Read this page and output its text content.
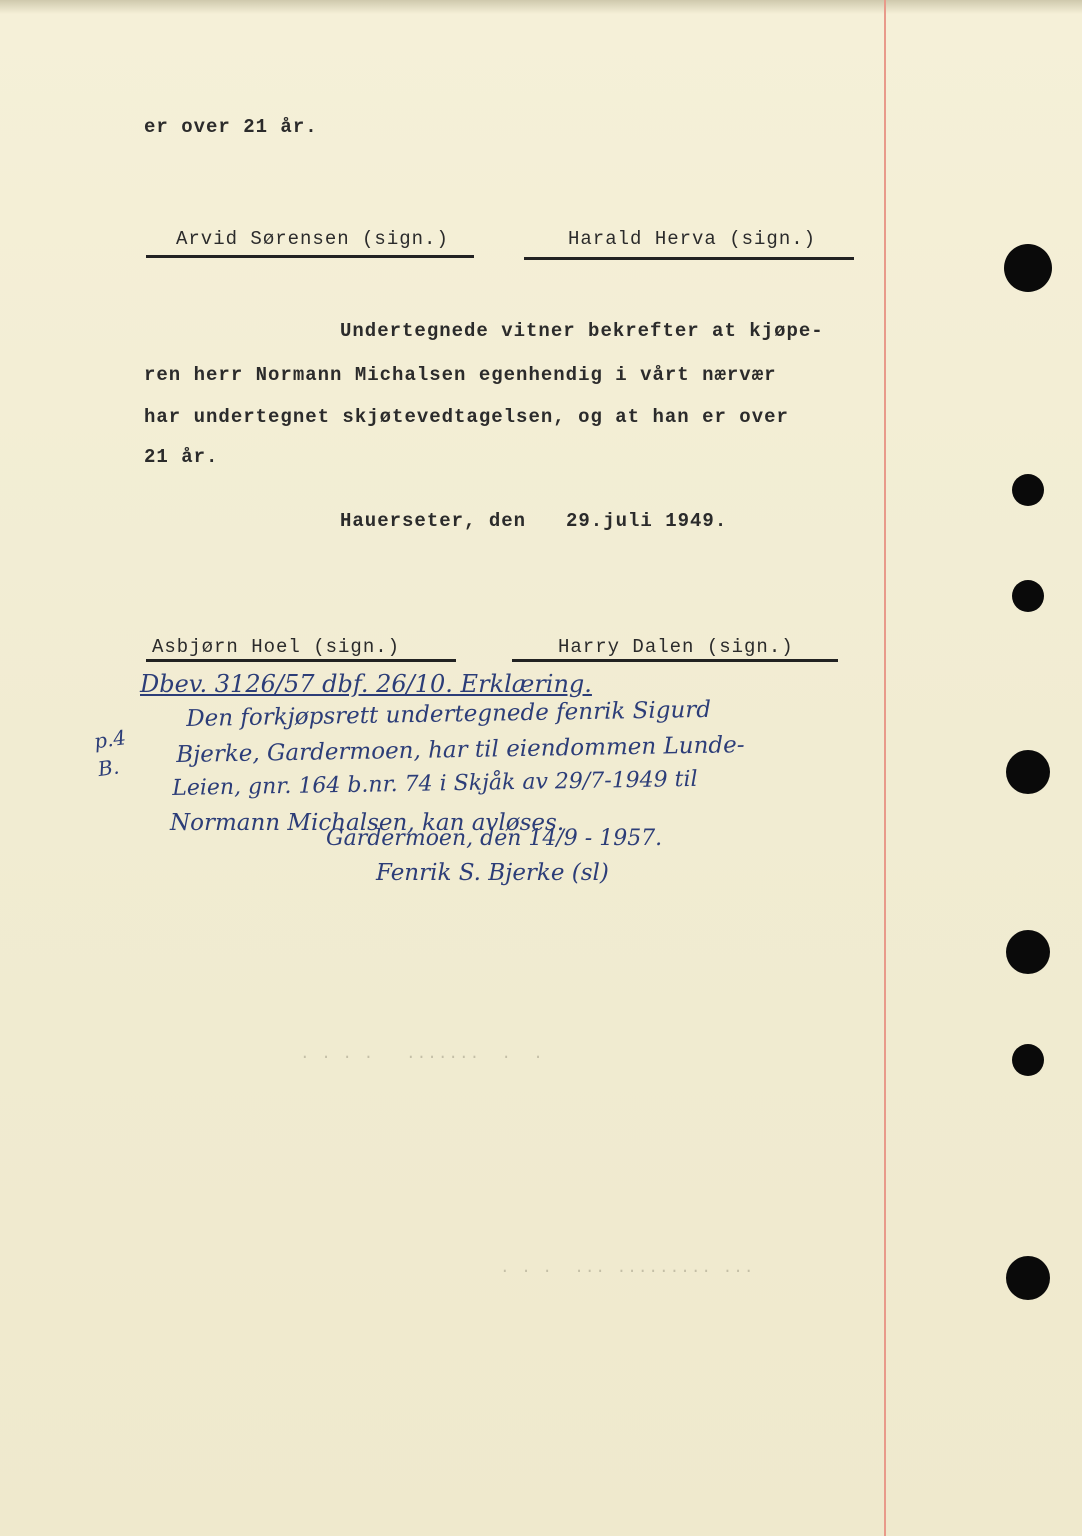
· · · ·   ·······  ·  ·
· · ·  ··· ········· ···
er over 21 år.
Arvid Sørensen (sign.)	Harald Herva (sign.)
Undertegnede vitner bekrefter at kjøpe-
ren herr Normann Michalsen egenhendig i vårt nærvær
har undertegnet skjøtevedtagelsen, og at han er over
21 år.
Hauerseter, den 29.juli 1949.
Asbjørn Hoel (sign.)	Harry Dalen (sign.)
Dbev. 3126/57 dbf. 26/10. Erklæring.
Den forkjøpsrett undertegnede fenrik Sigurd
Bjerke, Gardermoen, har til eiendommen Lunde-
Leien, gnr. 164 b.nr. 74 i Skjåk av 29/7-1949 til
Normann Michalsen, kan avløses.
Gardermoen, den 14/9 - 1957.
Fenrik S. Bjerke (sl)
p.4 B.
